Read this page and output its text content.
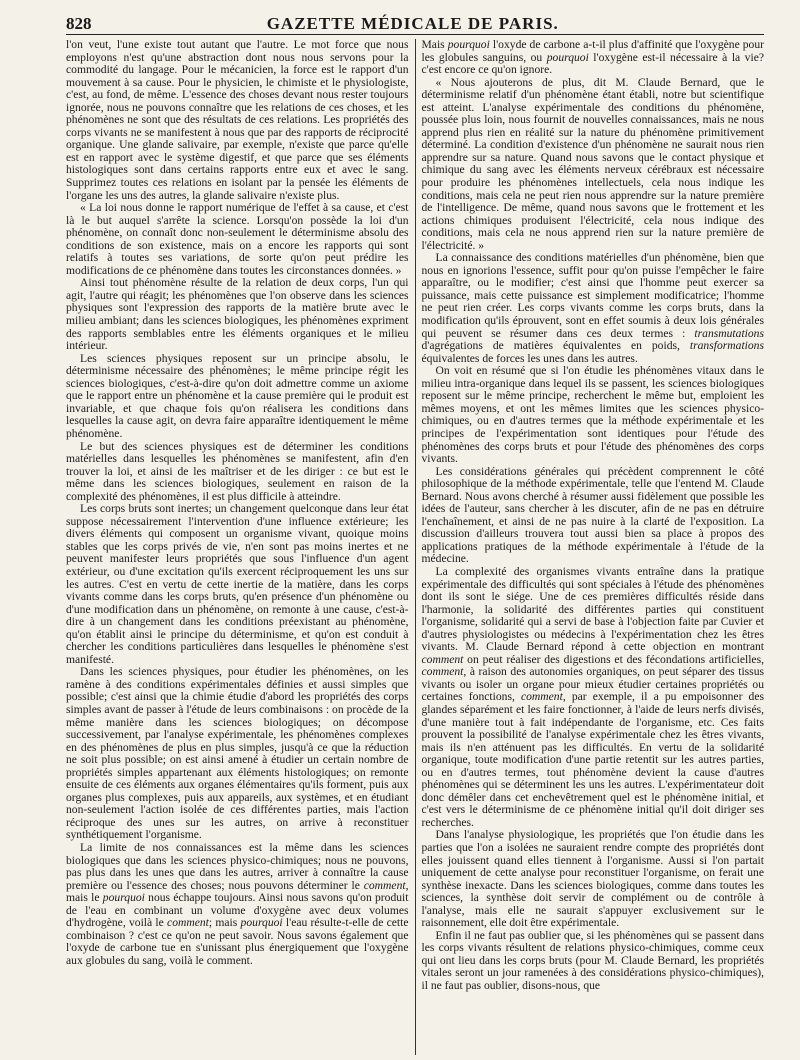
828	GAZETTE MÉDICALE DE PARIS.

l'on veut, l'une existe tout autant que l'autre. Le mot force que nous employons n'est qu'une abstraction dont nous nous servons pour la commodité du langage. Pour le mécanicien, la force est le rapport d'un mouvement à sa cause. Pour le physicien, le chimiste et le physiologiste, c'est, au fond, de même. L'essence des choses devant nous rester toujours ignorée, nous ne pouvons connaître que les relations de ces choses, et les phénomènes ne sont que des résultats de ces relations. Les propriétés des corps vivants ne se manifestent à nous que par des rapports de réciprocité organique. Une glande salivaire, par exemple, n'existe que parce qu'elle est en rapport avec le système digestif, et que parce que ses éléments histologiques sont dans certains rapports entre eux et avec le sang. Supprimez toutes ces relations en isolant par la pensée les éléments de l'organe les uns des autres, la glande salivaire n'existe plus.

« La loi nous donne le rapport numérique de l'effet à sa cause, et c'est là le but auquel s'arrête la science. Lorsqu'on possède la loi d'un phénomène, on connaît donc non-seulement le déterminisme absolu des conditions de son existence, mais on a encore les rapports qui sont relatifs à toutes ses variations, de sorte qu'on peut prédire les modifications de ce phénomène dans toutes les circonstances données. »

Ainsi tout phénomène résulte de la relation de deux corps, l'un qui agit, l'autre qui réagit; les phénomènes que l'on observe dans les sciences physiques sont l'expression des rapports de la matière brute avec le milieu ambiant; dans les sciences biologiques, les phénomènes expriment des rapports semblables entre les éléments organiques et le milieu intérieur.

Les sciences physiques reposent sur un principe absolu, le déterminisme nécessaire des phénomènes; le même principe régit les sciences biologiques, c'est-à-dire qu'on doit admettre comme un axiome que le rapport entre un phénomène et la cause première qui le produit est invariable, et que chaque fois qu'on réalisera les conditions dans lesquelles la cause agit, on devra faire apparaître identiquement le même phénomène.

Le but des sciences physiques est de déterminer les conditions matérielles dans lesquelles les phénomènes se manifestent, afin d'en trouver la loi, et ainsi de les maîtriser et de les diriger : ce but est le même dans les sciences biologiques, seulement en raison de la complexité des phénomènes, il est plus difficile à atteindre.

Les corps bruts sont inertes; un changement quelconque dans leur état suppose nécessairement l'intervention d'une influence extérieure; les divers éléments qui composent un organisme vivant, quoique moins stables que les corps privés de vie, n'en sont pas moins inertes et ne peuvent manifester leurs propriétés que sous l'influence d'un agent extérieur, ou d'une excitation qu'ils exercent réciproquement les uns sur les autres. C'est en vertu de cette inertie de la matière, dans les corps vivants comme dans les corps bruts, qu'en présence d'un phénomène ou d'une modification dans un phénomène, on remonte à une cause, c'est-à-dire à un changement dans les conditions préexistant au phénomène, qu'on établit ainsi le principe du déterminisme, et qu'on est conduit à chercher les conditions particulières dans lesquelles le phénomène s'est manifesté.

Dans les sciences physiques, pour étudier les phénomènes, on les ramène à des conditions expérimentales définies et aussi simples que possible; c'est ainsi que la chimie étudie d'abord les propriétés des corps simples avant de passer à l'étude de leurs combinaisons : on procède de la même manière dans les sciences biologiques; on décompose successivement, par l'analyse expérimentale, les phénomènes complexes en des phénomènes de plus en plus simples, jusqu'à ce que la réduction ne soit plus possible; on est ainsi amené à étudier un certain nombre de propriétés simples appartenant aux éléments histologiques; on remonte ensuite de ces éléments aux organes élémentaires qu'ils forment, puis aux organes plus complexes, puis aux appareils, aux systèmes, et en étudiant non-seulement l'action isolée de ces différentes parties, mais l'action réciproque des unes sur les autres, on arrive à reconstituer synthétiquement l'organisme.

La limite de nos connaissances est la même dans les sciences biologiques que dans les sciences physico-chimiques; nous ne pouvons, pas plus dans les unes que dans les autres, arriver à connaître la cause première ou l'essence des choses; nous pouvons déterminer le comment, mais le pourquoi nous échappe toujours. Ainsi nous savons qu'on produit de l'eau en combinant un volume d'oxygène avec deux volumes d'hydrogène, voilà le comment; mais pourquoi l'eau résulte-t-elle de cette combinaison ? c'est ce qu'on ne peut savoir. Nous savons également que l'oxyde de carbone tue en s'unissant plus énergiquement que l'oxygène aux globules du sang, voilà le comment.

Mais pourquoi l'oxyde de carbone a-t-il plus d'affinité que l'oxygène pour les globules sanguins, ou pourquoi l'oxygène est-il nécessaire à la vie? c'est encore ce qu'on ignore.

« Nous ajouterons de plus, dit M. Claude Bernard, que le déterminisme relatif d'un phénomène étant établi, notre but scientifique est atteint. L'analyse expérimentale des conditions du phénomène, poussée plus loin, nous fournit de nouvelles connaissances, mais ne nous apprend plus rien en réalité sur la nature du phénomène primitivement déterminé. La condition d'existence d'un phénomène ne saurait nous rien apprendre sur sa nature. Quand nous savons que le contact physique et chimique du sang avec les éléments nerveux cérébraux est nécessaire pour produire les phénomènes intellectuels, cela nous indique les conditions, mais cela ne peut rien nous apprendre sur la nature première de l'intelligence. De même, quand nous savons que le frottement et les actions chimiques produisent l'électricité, cela nous indique des conditions, mais cela ne nous apprend rien sur la nature première de l'électricité. »

La connaissance des conditions matérielles d'un phénomène, bien que nous en ignorions l'essence, suffit pour qu'on puisse l'empêcher le faire apparaître, ou le modifier; c'est ainsi que l'homme peut exercer sa puissance, mais cette puissance est simplement modificatrice; l'homme ne peut rien créer. Les corps vivants comme les corps bruts, dans la modification qu'ils éprouvent, sont en effet soumis à deux lois générales qui peuvent se résumer dans ces deux termes : transmutations d'agrégations de matières équivalentes en poids, transformations équivalentes de forces les unes dans les autres.

On voit en résumé que si l'on étudie les phénomènes vitaux dans le milieu intra-organique dans lequel ils se passent, les sciences biologiques reposent sur le même principe, recherchent le même but, emploient les mêmes moyens, et ont les mêmes limites que les sciences physico-chimiques, ou en d'autres termes que la méthode expérimentale et les principes de l'expérimentation sont identiques pour l'étude des phénomènes des corps bruts et pour l'étude des phénomènes des corps vivants.

Les considérations générales qui précèdent comprennent le côté philosophique de la méthode expérimentale, telle que l'entend M. Claude Bernard. Nous avons cherché à résumer aussi fidèlement que possible les idées de l'auteur, sans chercher à les discuter, afin de ne pas en détruire l'enchaînement, et ainsi de ne pas nuire à la clarté de l'exposition. La discussion d'ailleurs trouvera tout aussi bien sa place à propos des applications pratiques de la méthode expérimentale à l'étude de la médecine.

La complexité des organismes vivants entraîne dans la pratique expérimentale des difficultés qui sont spéciales à l'étude des phénomènes dont ils sont le siége. Une de ces premières difficultés réside dans l'harmonie, la solidarité des différentes parties qui constituent l'organisme, solidarité qui a servi de base à l'objection faite par Cuvier et d'autres physiologistes ou médecins à l'expérimentation chez les êtres vivants. M. Claude Bernard répond à cette objection en montrant comment on peut réaliser des digestions et des fécondations artificielles, comment, à raison des autonomies organiques, on peut séparer des tissus vivants ou isoler un organe pour mieux étudier certaines propriétés ou certaines fonctions, comment, par exemple, il a pu empoisonner des glandes séparément et les faire fonctionner, à l'aide de leurs nerfs divisés, d'une manière tout à fait indépendante de l'organisme, etc. Ces faits prouvent la possibilité de l'analyse expérimentale chez les êtres vivants, mais ils n'en atténuent pas les difficultés. En vertu de la solidarité organique, toute modification d'une partie retentit sur les autres parties, ou en d'autres termes, tout phénomène devient la cause d'autres phénomènes qui se déterminent les uns les autres. L'expérimentateur doit donc démêler dans cet enchevêtrement quel est le phénomène initial, et c'est vers le déterminisme de ce phénomène initial qu'il doit diriger ses recherches.

Dans l'analyse physiologique, les propriétés que l'on étudie dans les parties que l'on a isolées ne sauraient rendre compte des propriétés dont elles jouissent quand elles tiennent à l'organisme. Aussi si l'on partait uniquement de cette analyse pour reconstituer l'organisme, on ferait une synthèse inexacte. Dans les sciences biologiques, comme dans toutes les sciences, la synthèse doit servir de complément ou de contrôle à l'analyse, mais elle ne saurait s'appuyer exclusivement sur le raisonnement, elle doit être expérimentale.

Enfin il ne faut pas oublier que, si les phénomènes qui se passent dans les corps vivants résultent de relations physico-chimiques, comme ceux qui ont lieu dans les corps bruts (pour M. Claude Bernard, les propriétés vitales seront un jour ramenées à des considérations physico-chimiques), il ne faut pas oublier, disons-nous, que
